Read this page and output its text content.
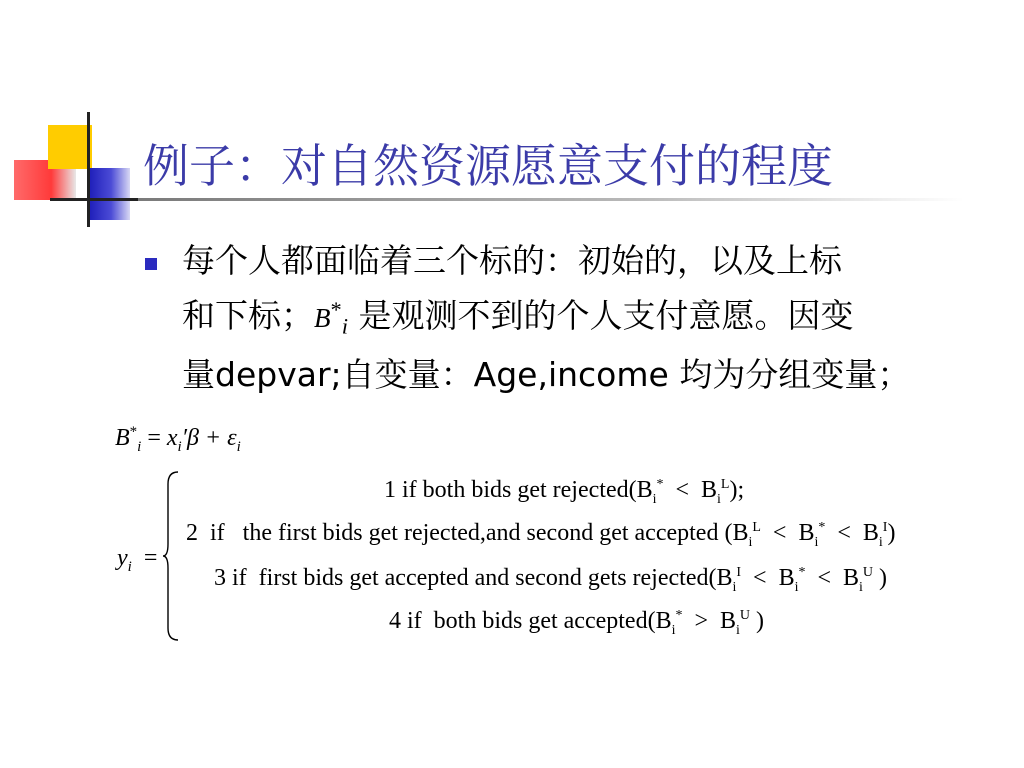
例子：对自然资源愿意支付的程度
每个人都面临着三个标的：初始的，以及上标
和下标；$B^*_i$ 是观测不到的个人支付意愿。因变
量depvar;自变量：Age,income 均为分组变量；
$B^*_i = x_i'\beta + \varepsilon_i$
$y_i$ =
1 if both bids get $rejected(B_i^* < B_i^L)$;
2  if   the first bids get rejected,and second get accepted $(B_i^L < B_i^* < B_i^I)$
3 if  first bids get accepted and second gets $rejected(B_i^I < B_i^* < B_i^U$ )
4 if  both bids get $accepted(B_i^* > B_i^U$ )
